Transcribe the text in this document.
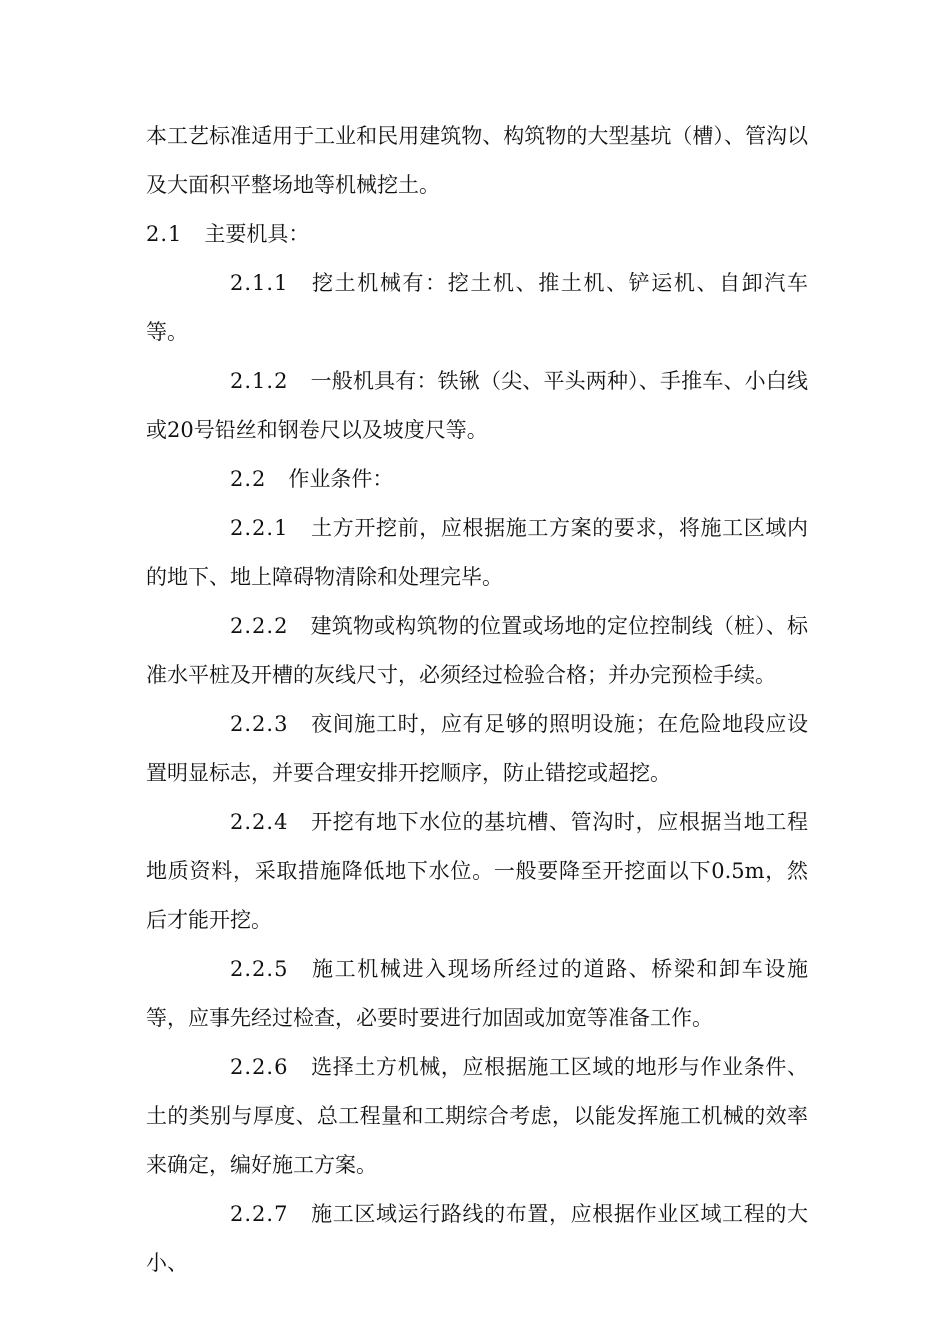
本工艺标准适用于工业和民用建筑物、构筑物的大型基坑（槽）、管沟以及大面积平整场地等机械挖土。

2.1 主要机具：

2.1.1 挖土机械有：挖土机、推土机、铲运机、自卸汽车等。

2.1.2 一般机具有：铁锹（尖、平头两种）、手推车、小白线或20号铅丝和钢卷尺以及坡度尺等。

2.2 作业条件：

2.2.1 土方开挖前，应根据施工方案的要求，将施工区域内的地下、地上障碍物清除和处理完毕。

2.2.2 建筑物或构筑物的位置或场地的定位控制线（桩）、标准水平桩及开槽的灰线尺寸，必须经过检验合格；并办完预检手续。

2.2.3 夜间施工时，应有足够的照明设施；在危险地段应设置明显标志，并要合理安排开挖顺序，防止错挖或超挖。

2.2.4 开挖有地下水位的基坑槽、管沟时，应根据当地工程地质资料，采取措施降低地下水位。一般要降至开挖面以下0.5m，然后才能开挖。

2.2.5 施工机械进入现场所经过的道路、桥梁和卸车设施等，应事先经过检查，必要时要进行加固或加宽等准备工作。

2.2.6 选择土方机械，应根据施工区域的地形与作业条件、土的类别与厚度、总工程量和工期综合考虑，以能发挥施工机械的效率来确定，编好施工方案。

2.2.7 施工区域运行路线的布置，应根据作业区域工程的大小、
